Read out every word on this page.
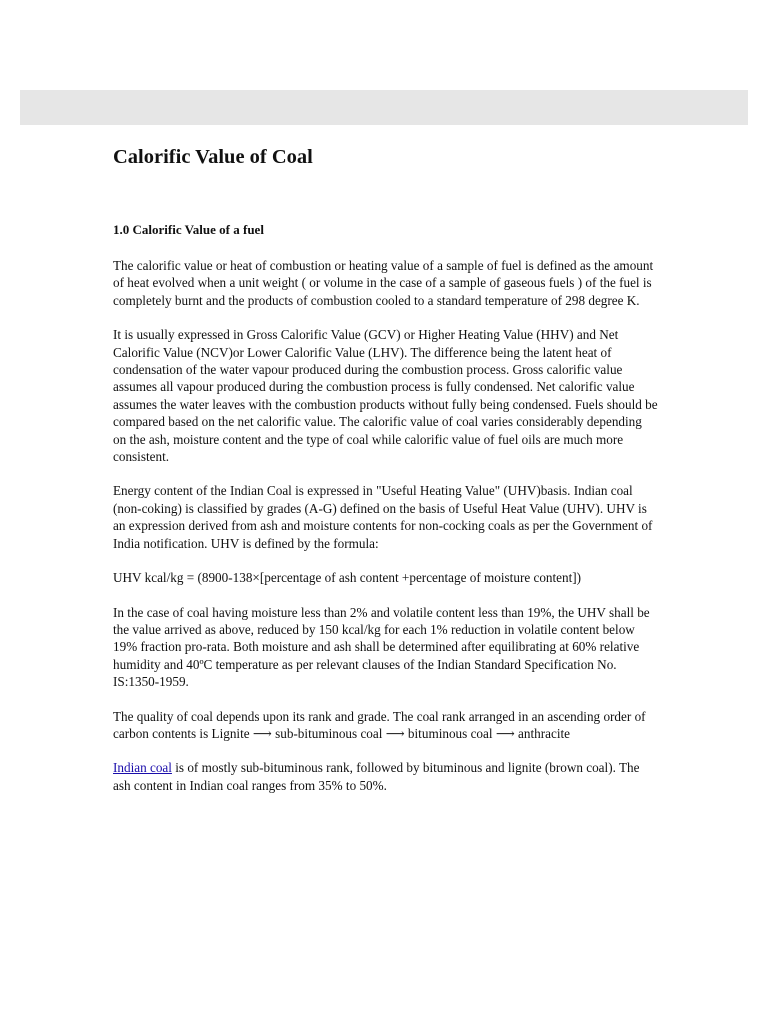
Calorific Value of Coal
1.0 Calorific Value of a fuel

The calorific value or heat of combustion or heating value of a sample of fuel is defined as the amount of heat evolved when a unit weight ( or volume in the case of a sample of gaseous fuels ) of the fuel is completely burnt and the products of combustion cooled to a standard temperature of 298 degree K.

It is usually expressed in Gross Calorific Value (GCV) or Higher Heating Value (HHV) and Net Calorific Value (NCV)or Lower Calorific Value (LHV). The difference being the latent heat of condensation of the water vapour produced during the combustion process. Gross calorific value assumes all vapour produced during the combustion process is fully condensed. Net calorific value assumes the water leaves with the combustion products without fully being condensed. Fuels should be compared based on the net calorific value. The calorific value of coal varies considerably depending on the ash, moisture content and the type of coal while calorific value of fuel oils are much more consistent.

Energy content of the Indian Coal is expressed in "Useful Heating Value" (UHV)basis. Indian coal (non-coking) is classified by grades (A-G) defined on the basis of Useful Heat Value (UHV). UHV is an expression derived from ash and moisture contents for non-cocking coals as per the Government of India notification. UHV is defined by the formula:

UHV kcal/kg = (8900-138×[percentage of ash content +percentage of moisture content])

In the case of coal having moisture less than 2% and volatile content less than 19%, the UHV shall be the value arrived as above, reduced by 150 kcal/kg for each 1% reduction in volatile content below 19% fraction pro-rata. Both moisture and ash shall be determined after equilibrating at 60% relative humidity and 40ºC temperature as per relevant clauses of the Indian Standard Specification No. IS:1350-1959.

The quality of coal depends upon its rank and grade. The coal rank arranged in an ascending order of carbon contents is Lignite ⟶ sub-bituminous coal ⟶ bituminous coal ⟶ anthracite

Indian coal is of mostly sub-bituminous rank, followed by bituminous and lignite (brown coal). The ash content in Indian coal ranges from 35% to 50%.
